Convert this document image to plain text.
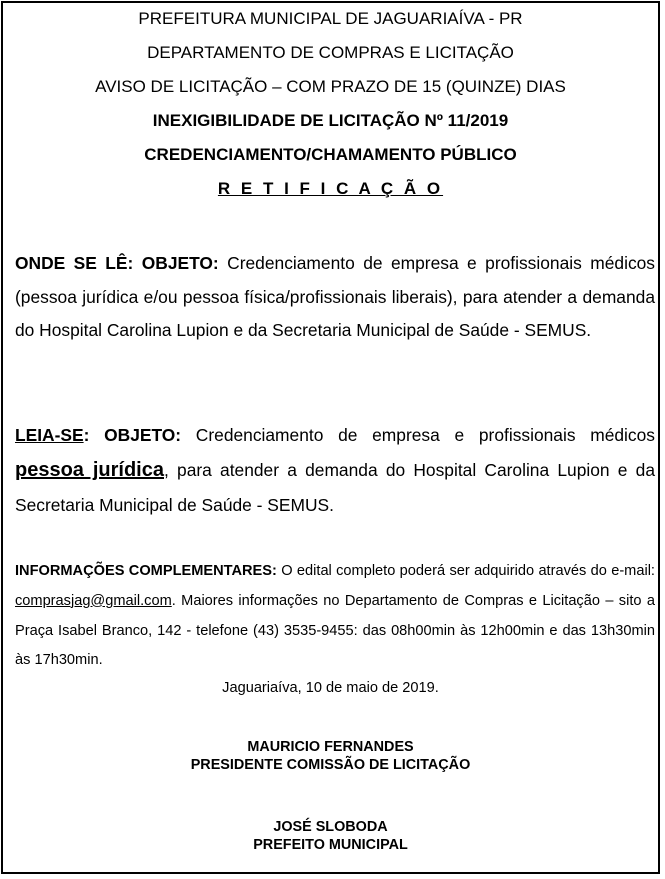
PREFEITURA MUNICIPAL DE JAGUARIAÍVA - PR
DEPARTAMENTO DE COMPRAS E LICITAÇÃO
AVISO DE LICITAÇÃO – COM PRAZO DE 15 (QUINZE) DIAS
INEXIGIBILIDADE DE LICITAÇÃO Nº 11/2019
CREDENCIAMENTO/CHAMAMENTO PÚBLICO
R E T I F I C A Ç Ã O
ONDE SE LÊ: OBJETO: Credenciamento de empresa e profissionais médicos (pessoa jurídica e/ou pessoa física/profissionais liberais), para atender a demanda do Hospital Carolina Lupion e da Secretaria Municipal de Saúde - SEMUS.
LEIA-SE: OBJETO: Credenciamento de empresa e profissionais médicos pessoa jurídica, para atender a demanda do Hospital Carolina Lupion e da Secretaria Municipal de Saúde - SEMUS.
INFORMAÇÕES COMPLEMENTARES: O edital completo poderá ser adquirido através do e-mail: comprasjag@gmail.com. Maiores informações no Departamento de Compras e Licitação – sito a Praça Isabel Branco, 142 - telefone (43) 3535-9455: das 08h00min às 12h00min e das 13h30min às 17h30min.
Jaguariaíva, 10 de maio de 2019.
MAURICIO FERNANDES
PRESIDENTE COMISSÃO DE LICITAÇÃO
JOSÉ SLOBODA
PREFEITO MUNICIPAL
